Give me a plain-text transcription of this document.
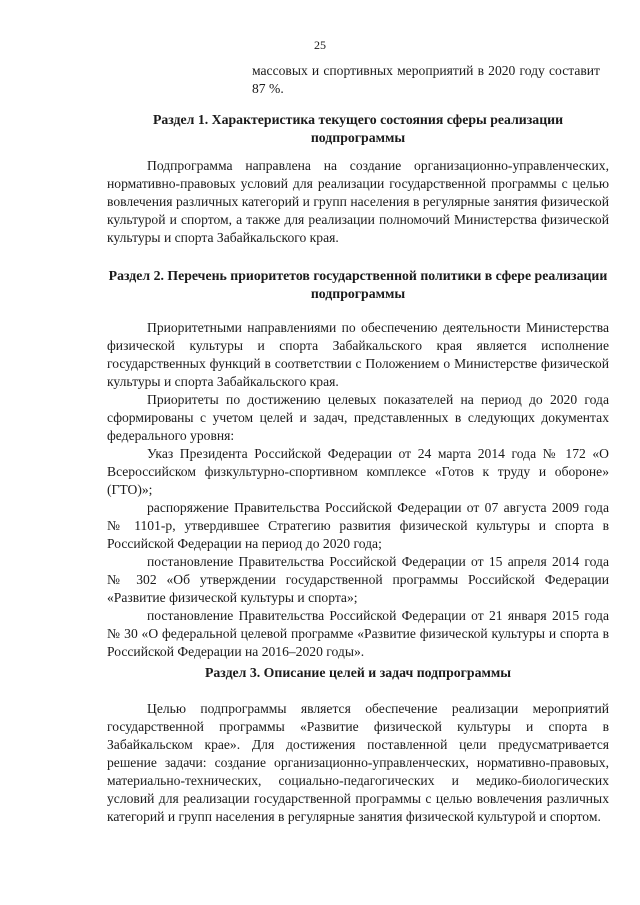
25

массовых и спортивных мероприятий в 2020 году составит 87 %.

Раздел 1. Характеристика текущего состояния сферы реализации подпрограммы

Подпрограмма направлена на создание организационно-управленческих, нормативно-правовых условий для реализации государственной программы с целью вовлечения различных категорий и групп населения в регулярные занятия физической культурой и спортом, а также для реализации полномочий Министерства физической культуры и спорта Забайкальского края.

Раздел 2. Перечень приоритетов государственной политики в сфере реализации подпрограммы

Приоритетными направлениями по обеспечению деятельности Министерства физической культуры и спорта Забайкальского края является исполнение государственных функций в соответствии с Положением о Министерстве физической культуры и спорта Забайкальского края.

Приоритеты по достижению целевых показателей на период до 2020 года сформированы с учетом целей и задач, представленных в следующих документах федерального уровня:

Указ Президента Российской Федерации от 24 марта 2014 года № 172 «О Всероссийском физкультурно-спортивном комплексе «Готов к труду и обороне» (ГТО)»;

распоряжение Правительства Российской Федерации от 07 августа 2009 года № 1101-р, утвердившее Стратегию развития физической культуры и спорта в Российской Федерации на период до 2020 года;

постановление Правительства Российской Федерации от 15 апреля 2014 года № 302 «Об утверждении государственной программы Российской Федерации «Развитие физической культуры и спорта»;

постановление Правительства Российской Федерации от 21 января 2015 года № 30 «О федеральной целевой программе «Развитие физической культуры и спорта в Российской Федерации на 2016–2020 годы».

Раздел 3. Описание целей и задач подпрограммы

Целью подпрограммы является обеспечение реализации мероприятий государственной программы «Развитие физической культуры и спорта в Забайкальском крае». Для достижения поставленной цели предусматривается решение задачи: создание организационно-управленческих, нормативно-правовых, материально-технических, социально-педагогических и медико-биологических условий для реализации государственной программы с целью вовлечения различных категорий и групп населения в регулярные занятия физической культурой и спортом.
